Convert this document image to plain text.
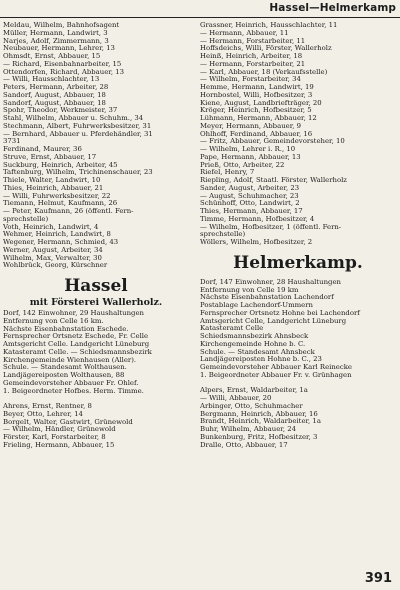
Hassel—Helmerkamp
Meldau, Wilhelm, Bahnhofsagent
Müller, Hermann, Landwirt, 3
Narjes, Adolf, Zimmermann, 3
Neubauer, Hermann, Lehrer, 13
Ohmsdt, Ernst, Abbauer, 15
— Richard, Eisenbahnarbeiter, 15
Ottendorfen, Richard, Abbauer, 13
— Willi, Hausschlachter, 13
Peters, Hermann, Arbeiter, 28
Sandorf, August, Abbauer, 18
Sandorf, August, Abbauer, 18
Spohr, Theodor, Werkmeister, 37
Stahl, Wilhelm, Abbauer u. Schuhm., 34
Stechmann, Albert, Fuhrwerksbesitzer, 31
— Bernhard, Abbauer u. Pferdehändler, 31
3731
Ferdinand, Maurer, 36
Struve, Ernst, Abbauer, 17
Suckburg, Heinrich, Arbeiter, 45
Taftenburg, Wilhelm, Trichinenschauer, 23
Thiele, Walter, Landwirt, 10
Thies, Heinrich, Abbauer, 21
— Willi, Fuhrwerksbesitzer, 22
Tiemann, Helmut, Kaufmann, 26
— Peter, Kaufmann, 26 (öffentl. Fern-
sprechstelle)
Voth, Heinrich, Landwirt, 4
Wehmer, Heinrich, Landwirt, 8
Wegener, Hermann, Schmied, 43
Werner, August, Arbeiter, 34
Wilhelm, Max, Verwalter, 30
Wohlbrück, Georg, Kürschner
Hassel
mit Försterei Wallerholz.
Dorf, 142 Einwohner, 29 Haushaltungen
Entfernung von Celle 16 km.
Nächste Eisenbahnstation Eschede.
Fernsprecher Ortsnetz Eschede, Fr. Celle
Amtsgericht Celle. Landgericht Lüneburg
Katasteramt Celle. — Schiedsmannsbezirk
Kirchengemeinde Wienhausen (Aller).
Schule. — Standesamt Wolthausen.
Landjägereiposten Wolthausen, 88
Gemeindevorsteher Abbauer Fr. Ohlef.
1. Beigeordneter Hofbes. Herm. Timme.
Ahrens, Ernst, Rentner, 8
Beyer, Otto, Lehrer, 14
Borgelt, Walter, Gastwirt, Grünewold
— Wilhelm, Händler, Grünewold
Förster, Karl, Forstarbeiter, 8
Frieling, Hermann, Abbauer, 15
Grassner, Heinrich, Hausschlachter, 11
— Hermann, Abbauer, 11
— Hermann, Forstarbeiter, 11
Hoffsdeichs, Willi, Förster, Wallerholz
Heinß, Heinrich, Arbeiter, 18
— Hermann, Forstarbeiter, 21
— Karl, Abbauer, 18 (Verkaufsstelle)
— Wilhelm, Forstarbeiter, 34
Hemme, Hermann, Landwirt, 19
Hornbostel, Willi, Hofbesitzer, 3
Kiene, August, Landbriefträger, 20
Kröger, Heinrich, Hofbesitzer, 5
Lühmann, Hermann, Abbauer, 12
Meyer, Hermann, Abbauer, 9
Ohlhoff, Ferdinand, Abbauer, 16
— Fritz, Abbauer, Gemeindevorsteher, 10
— Wilhelm, Lehrer i. R., 10
Pape, Hermann, Abbauer, 13
Prieß, Otto, Arbeiter, 22
Riefel, Henry, 7
Riepling, Adolf, Staatl. Förster, Wallerholz
Sander, August, Arbeiter, 23
— August, Schuhmacher, 23
Schünhoff, Otto, Landwirt, 2
Thies, Hermann, Abbauer, 17
Timme, Hermann, Hofbesitzer, 4
— Wilhelm, Hofbesitzer, 1 (öffentl. Fern-
sprechstelle)
Wöllers, Wilhelm, Hofbesitzer, 2
Helmerkamp.
Dorf, 147 Einwohner, 28 Haushaltungen
Entfernung von Celle 19 km
Nächste Eisenbahnstation Lachendorf
Postablage Lachendorf-Ummern
Fernsprecher Ortsnetz Hohne bei Lachendorf
Amtsgericht Celle, Landgericht Lüneburg
Katasteramt Celle
Schiedsmannsbezirk Ahnsbeck
Kirchengemeinde Hohne b. C.
Schule. — Standesamt Ahnsbeck
Landjägereiposten Hohne b. C., 23
Gemeindevorsteher Abbauer Karl Reinecke
1. Beigeordneter Abbauer Fr. v. Grünhagen
Alpers, Ernst, Waldarbeiter, 1a
— Willi, Abbauer, 20
Arbinger, Otto, Schuhmacher
Bergmann, Heinrich, Abbauer, 16
Brandt, Heinrich, Waldarbeiter, 1a
Buhr, Wilhelm, Abbauer, 24
Bunkenburg, Fritz, Hofbesitzer, 3
Dralle, Otto, Abbauer, 17
391
